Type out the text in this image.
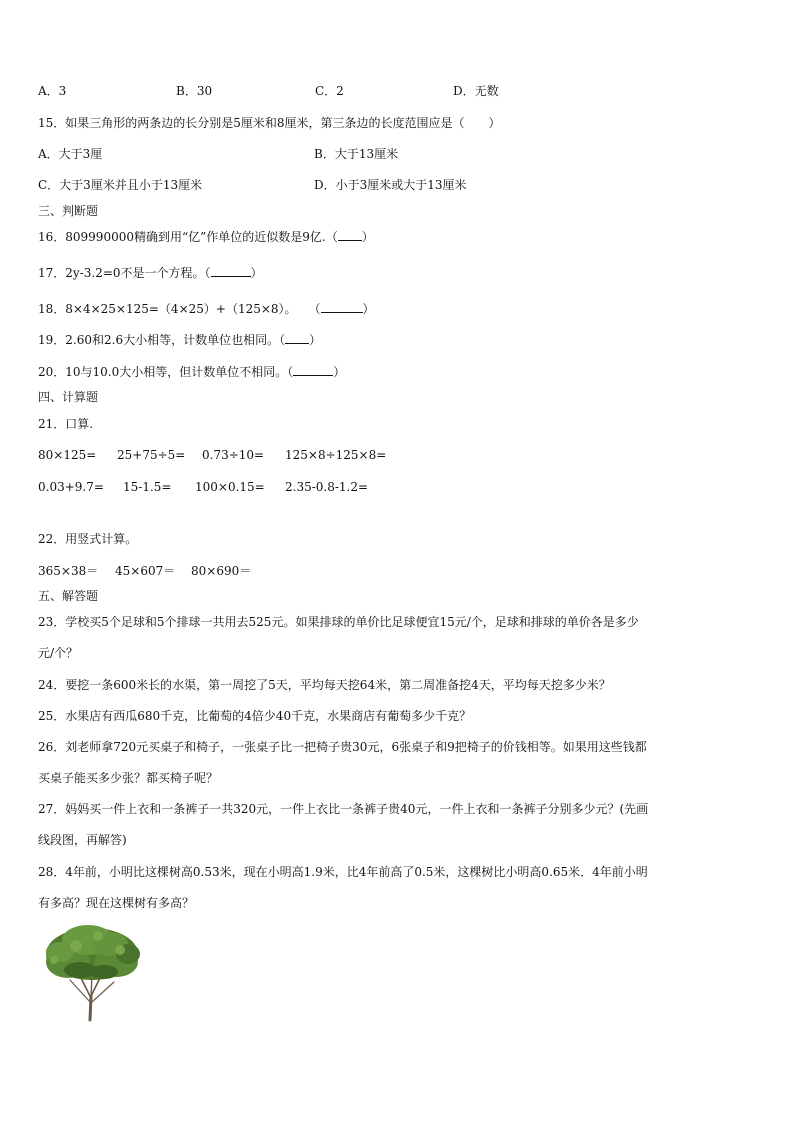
A．3	B．30	C．2	D．无数
15．如果三角形的两条边的长分别是5厘米和8厘米，第三条边的长度范围应是（　　）
A．大于3厘	B．大于13厘米
C．大于3厘米并且小于13厘米	D．小于3厘米或大于13厘米
三、判断题
16．809990000精确到用“亿”作单位的近似数是9亿.（ ）
17．2y-3.2=0不是一个方程。（	）
18．8×4×25×125=（4×25）+（125×8）。　　（	）
19．2.60和2.6大小相等，计数单位也相同。（ ）
20．10与10.0大小相等，但计数单位不相同。（	）
四、计算题
21．口算.
80×125= 25+75÷5= 0.73÷10= 125×8÷125×8=
0.03+9.7= 15-1.5= 100×0.15= 2.35-0.8-1.2=
22．用竖式计算。
365×38＝ 45×607＝ 80×690＝
五、解答题
23．学校买5个足球和5个排球一共用去525元。如果排球的单价比足球便宜15元/个，足球和排球的单价各是多少
元/个？
24．要挖一条600米长的水渠，第一周挖了5天，平均每天挖64米，第二周准备挖4天，平均每天挖多少米？
25．水果店有西瓜680千克，比葡萄的4倍少40千克，水果商店有葡萄多少千克？
26．刘老师拿720元买桌子和椅子，一张桌子比一把椅子贵30元，6张桌子和9把椅子的价钱相等。如果用这些钱都
买桌子能买多少张？都买椅子呢？
27．妈妈买一件上衣和一条裤子一共320元，一件上衣比一条裤子贵40元，一件上衣和一条裤子分别多少元？(先画
线段图，再解答)
28．4年前，小明比这棵树高0.53米，现在小明高1.9米，比4年前高了0.5米，这棵树比小明高0.65米．4年前小明
有多高？现在这棵树有多高？
